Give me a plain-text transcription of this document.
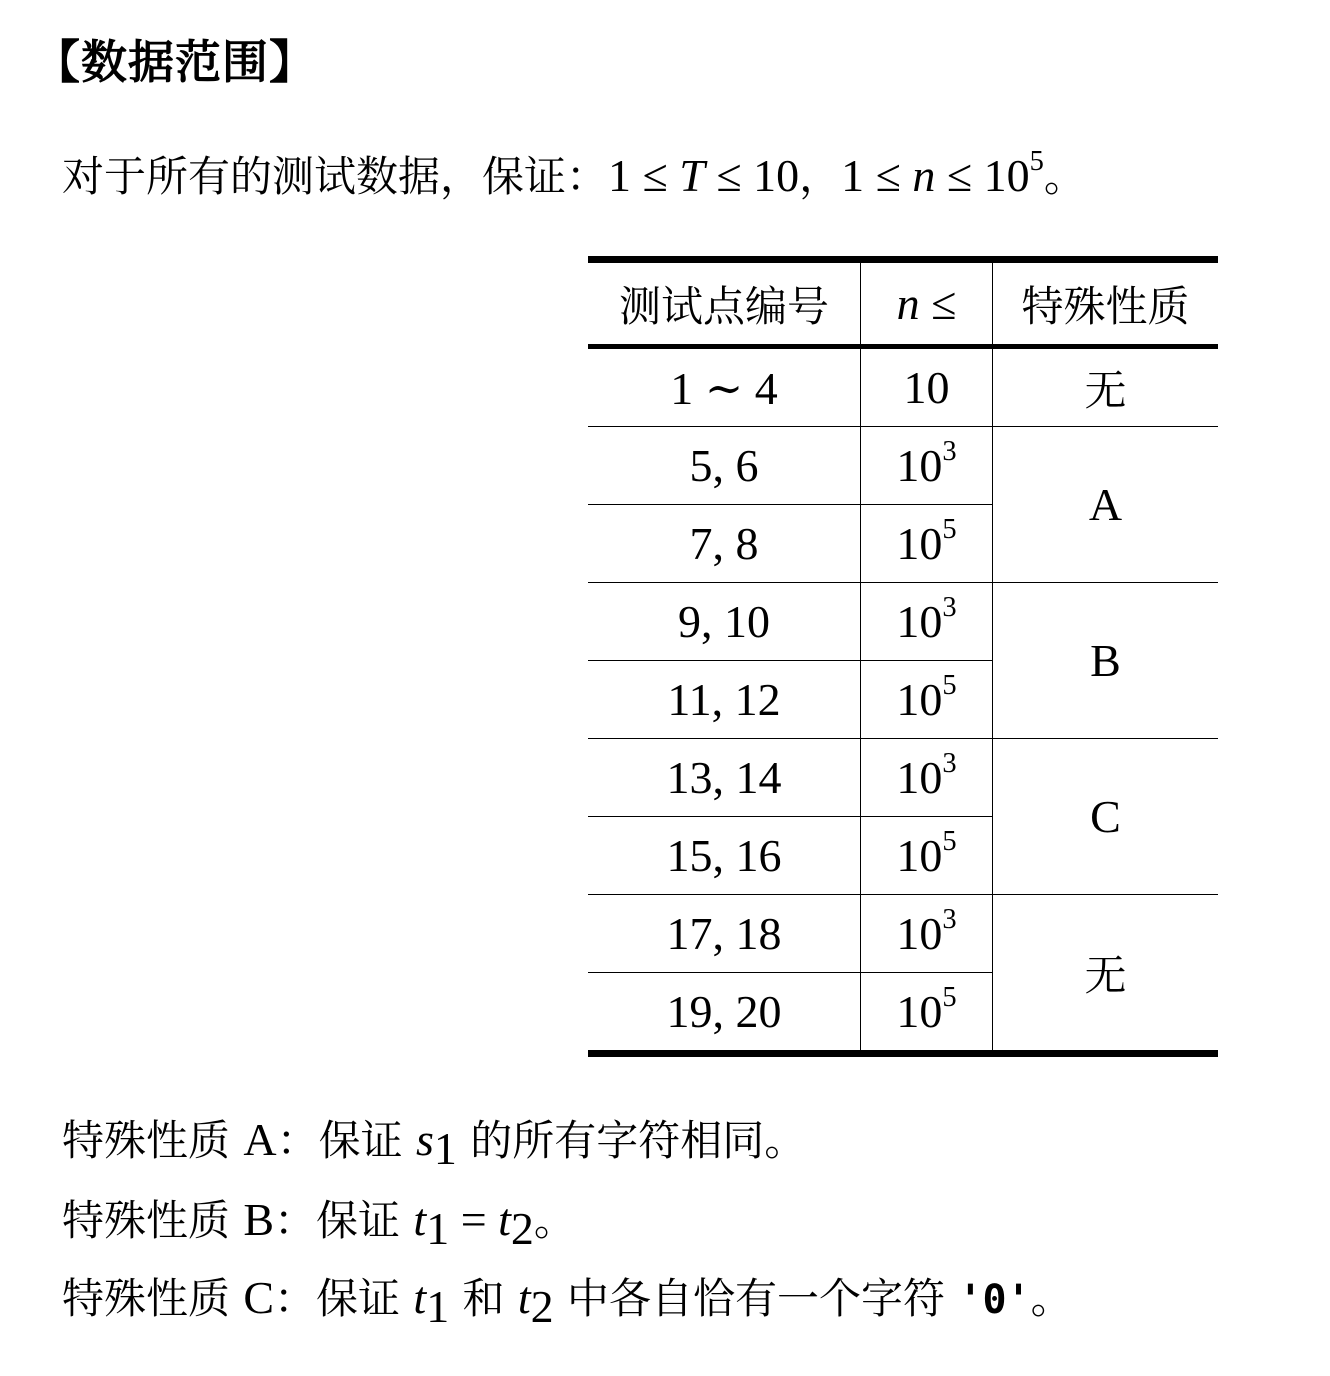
【数据范围】
对于所有的测试数据，保证：1 ≤ T ≤ 10，$1 \le n \le 10^5$。
测试点编号	n ≤	特殊性质
1 ∼ 4	10	无
5, 6	$10^3$	A
7, 8	$10^5$
9, 10	$10^3$	B
11, 12	$10^5$
13, 14	$10^3$	C
15, 16	$10^5$
17, 18	$10^3$	无
19, 20	$10^5$
特殊性质 A：保证 $s_1$ 的所有字符相同。
特殊性质 B：保证 $t_1 = t_2$。
特殊性质 C：保证 $t_1$ 和 $t_2$ 中各自恰有一个字符 '0'。
